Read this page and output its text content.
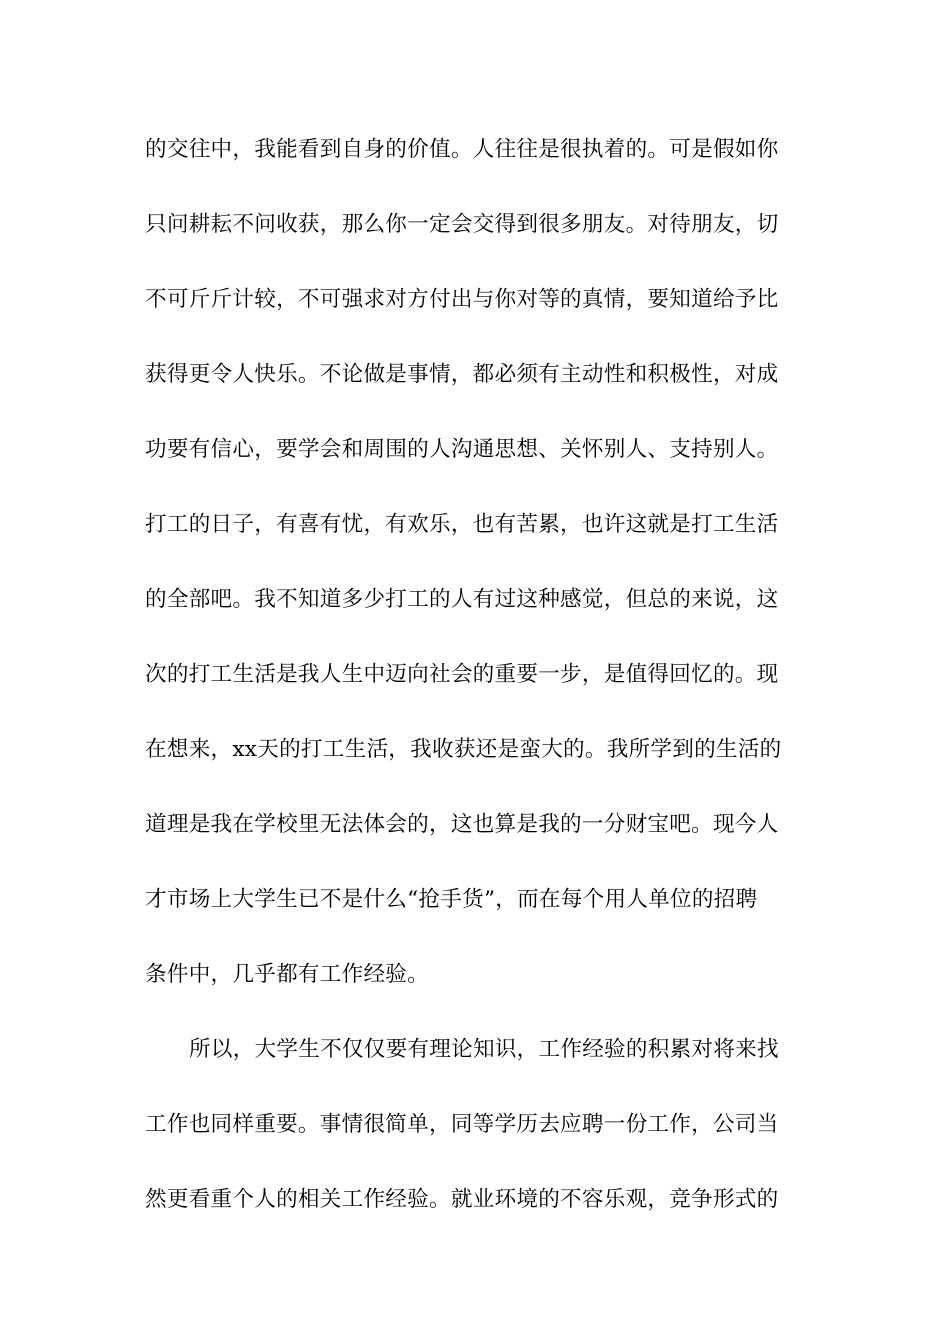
的交往中，我能看到自身的价值。人往往是很执着的。可是假如你
只问耕耘不问收获，那么你一定会交得到很多朋友。对待朋友，切
不可斤斤计较，不可强求对方付出与你对等的真情，要知道给予比
获得更令人快乐。不论做是事情，都必须有主动性和积极性，对成
功要有信心，要学会和周围的人沟通思想、关怀别人、支持别人。
打工的日子，有喜有忧，有欢乐，也有苦累，也许这就是打工生活
的全部吧。我不知道多少打工的人有过这种感觉，但总的来说，这
次的打工生活是我人生中迈向社会的重要一步，是值得回忆的。现
在想来，xx天的打工生活，我收获还是蛮大的。我所学到的生活的
道理是我在学校里无法体会的，这也算是我的一分财宝吧。现今人
才市场上大学生已不是什么“抢手货”，而在每个用人单位的招聘
条件中，几乎都有工作经验。
所以，大学生不仅仅要有理论知识，工作经验的积累对将来找
工作也同样重要。事情很简单，同等学历去应聘一份工作，公司当
然更看重个人的相关工作经验。就业环境的不容乐观，竞争形式的
